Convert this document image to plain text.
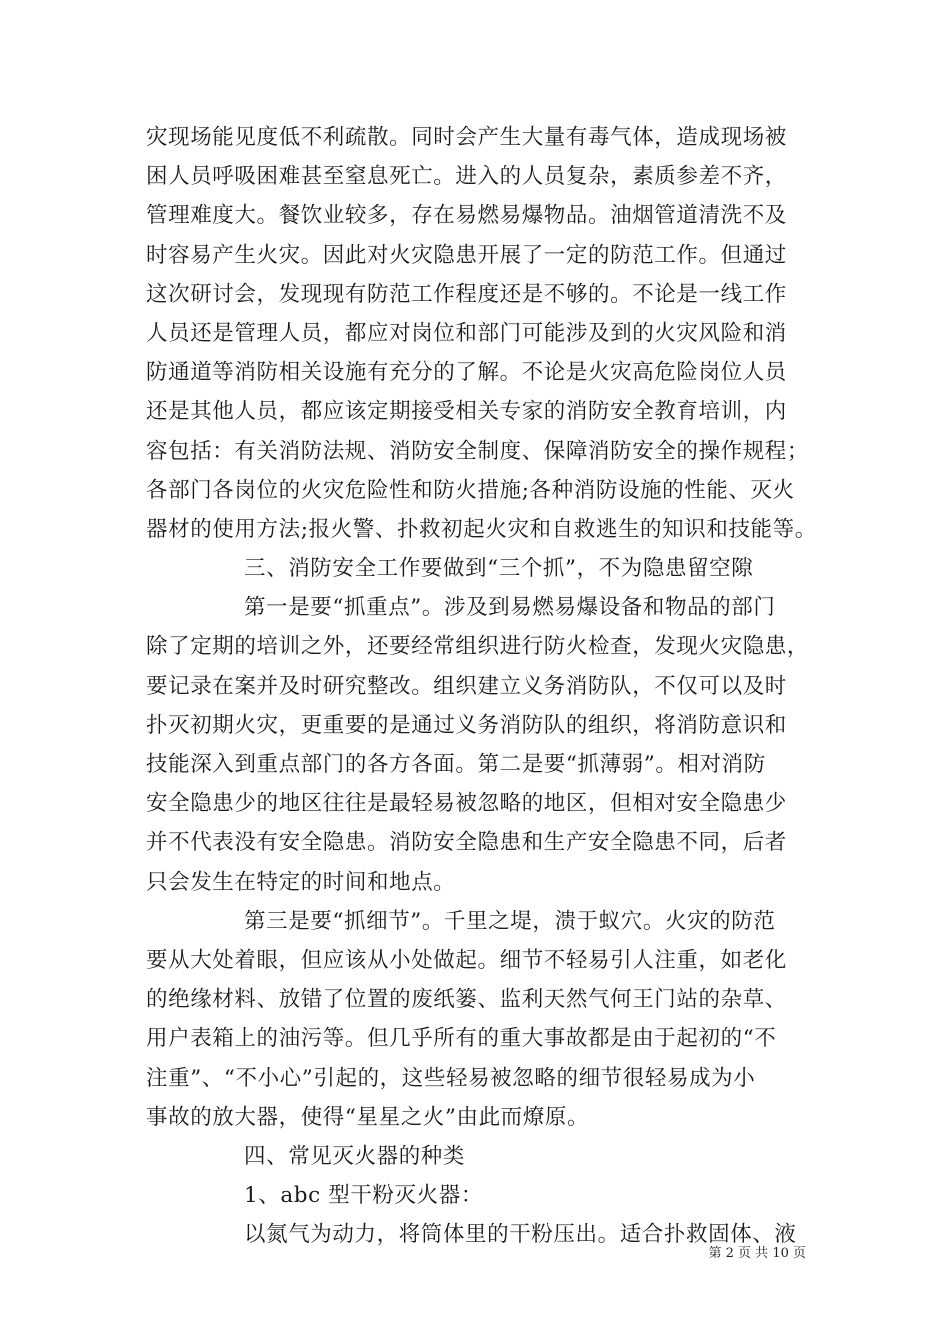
灾现场能见度低不利疏散。同时会产生大量有毒气体，造成现场被
困人员呼吸困难甚至窒息死亡。进入的人员复杂，素质参差不齐，
管理难度大。餐饮业较多，存在易燃易爆物品。油烟管道清洗不及
时容易产生火灾。因此对火灾隐患开展了一定的防范工作。但通过
这次研讨会，发现现有防范工作程度还是不够的。不论是一线工作
人员还是管理人员，都应对岗位和部门可能涉及到的火灾风险和消
防通道等消防相关设施有充分的了解。不论是火灾高危险岗位人员
还是其他人员，都应该定期接受相关专家的消防安全教育培训，内
容包括：有关消防法规、消防安全制度、保障消防安全的操作规程；
各部门各岗位的火灾危险性和防火措施;各种消防设施的性能、灭火
器材的使用方法;报火警、扑救初起火灾和自救逃生的知识和技能等。
三、消防安全工作要做到“三个抓”，不为隐患留空隙
第一是要“抓重点”。涉及到易燃易爆设备和物品的部门
除了定期的培训之外，还要经常组织进行防火检查，发现火灾隐患，
要记录在案并及时研究整改。组织建立义务消防队，不仅可以及时
扑灭初期火灾，更重要的是通过义务消防队的组织，将消防意识和
技能深入到重点部门的各方各面。第二是要“抓薄弱”。相对消防
安全隐患少的地区往往是最轻易被忽略的地区，但相对安全隐患少
并不代表没有安全隐患。消防安全隐患和生产安全隐患不同，后者
只会发生在特定的时间和地点。
第三是要“抓细节”。千里之堤，溃于蚁穴。火灾的防范
要从大处着眼，但应该从小处做起。细节不轻易引人注重，如老化
的绝缘材料、放错了位置的废纸篓、监利天然气何王门站的杂草、
用户表箱上的油污等。但几乎所有的重大事故都是由于起初的“不
注重”、“不小心”引起的，这些轻易被忽略的细节很轻易成为小
事故的放大器，使得“星星之火”由此而燎原。
四、常见灭火器的种类
1、abc 型干粉灭火器：
以氮气为动力，将筒体里的干粉压出。适合扑救固体、液
第 2 页 共 10 页
